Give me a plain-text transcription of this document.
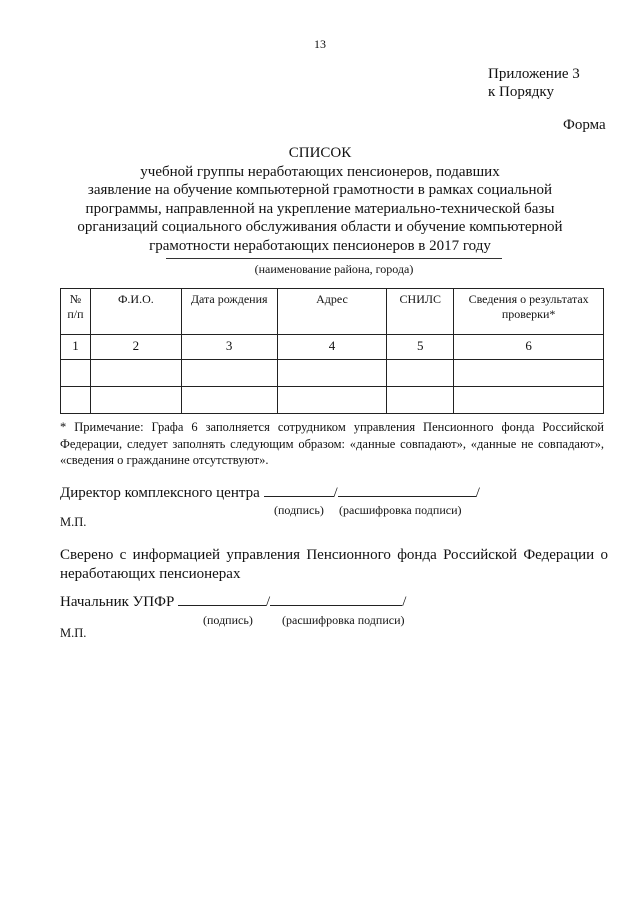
13
Приложение 3
к Порядку
Форма
СПИСОК
учебной группы неработающих пенсионеров, подавших
заявление на обучение компьютерной грамотности в рамках социальной
программы, направленной на укрепление материально-технической базы
организаций социального обслуживания области и обучение компьютерной
грамотности неработающих пенсионеров в 2017 году
(наименование района, города)
№
п/п	Ф.И.О.	Дата рождения	Адрес	СНИЛС	Сведения о результатах проверки*
1	2	3	4	5	6

* Примечание: Графа 6 заполняется сотрудником управления Пенсионного фонда Российской Федерации, следует заполнять следующим образом: «данные совпадают», «данные не совпадают», «сведения о гражданине отсутствуют».
Директор комплексного центра	/	/
(подпись) (расшифровка подписи)
М.П.
Сверено с информацией управления Пенсионного фонда Российской Федерации о неработающих пенсионерах
Начальник УПФР	/	/
(подпись) (расшифровка подписи)
М.П.
